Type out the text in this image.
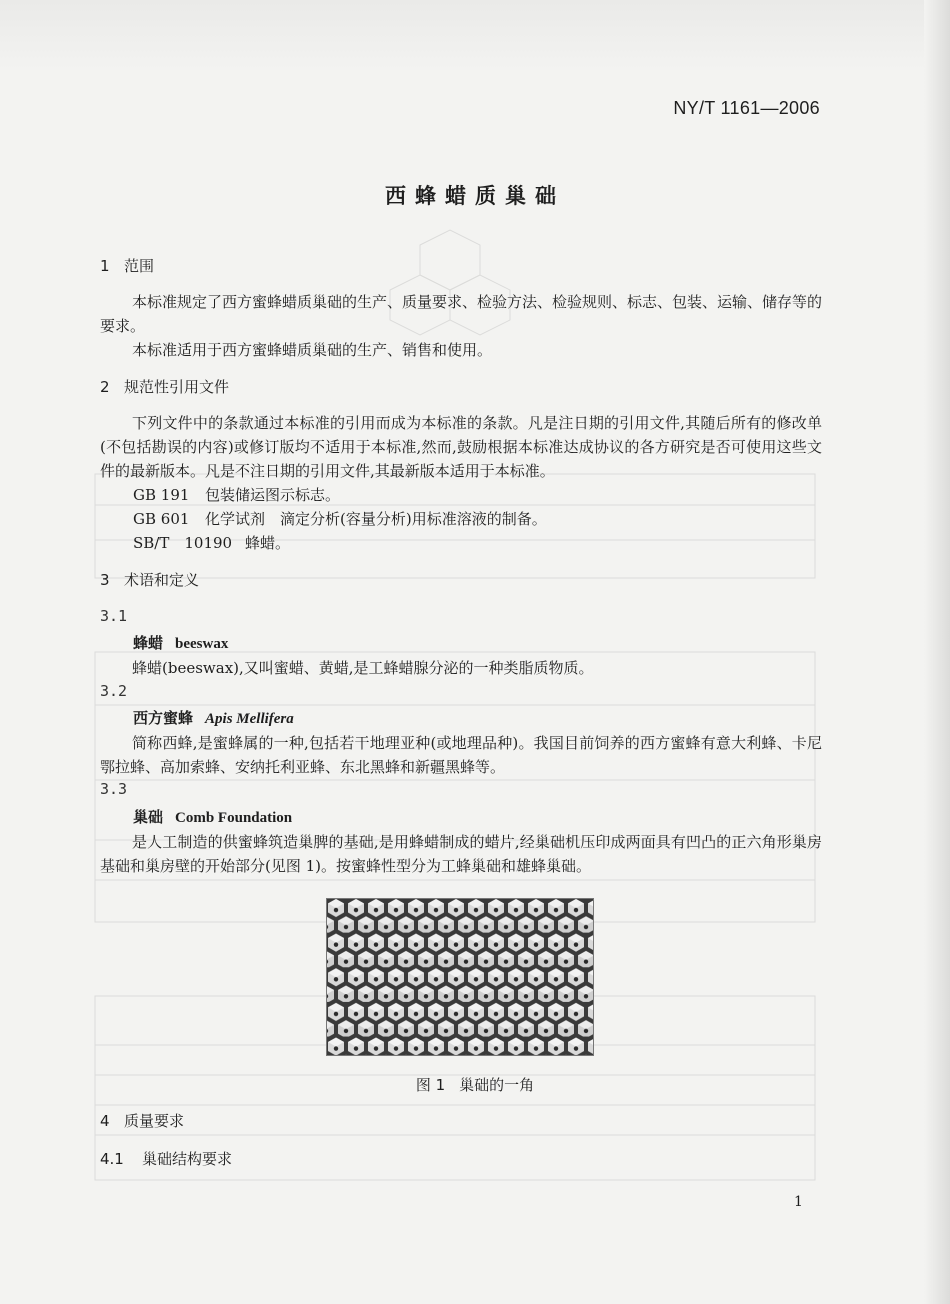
NY/T 1161—2006
西蜂蜡质巢础
1 范围
本标准规定了西方蜜蜂蜡质巢础的生产、质量要求、检验方法、检验规则、标志、包装、运输、储存等的要求。
本标准适用于西方蜜蜂蜡质巢础的生产、销售和使用。
2 规范性引用文件
下列文件中的条款通过本标准的引用而成为本标准的条款。凡是注日期的引用文件,其随后所有的修改单(不包括勘误的内容)或修订版均不适用于本标准,然而,鼓励根据本标准达成协议的各方研究是否可使用这些文件的最新版本。凡是不注日期的引用文件,其最新版本适用于本标准。
GB 191 包装储运图示标志。
GB 601 化学试剂　滴定分析(容量分析)用标准溶液的制备。
SB/T　10190 蜂蜡。
3 术语和定义
3.1
蜂蜡 beeswax
蜂蜡(beeswax),又叫蜜蜡、黄蜡,是工蜂蜡腺分泌的一种类脂质物质。
3.2
西方蜜蜂 Apis Mellifera
简称西蜂,是蜜蜂属的一种,包括若干地理亚种(或地理品种)。我国目前饲养的西方蜜蜂有意大利蜂、卡尼鄂拉蜂、高加索蜂、安纳托利亚蜂、东北黑蜂和新疆黑蜂等。
3.3
巢础 Comb Foundation
是人工制造的供蜜蜂筑造巢脾的基础,是用蜂蜡制成的蜡片,经巢础机压印成两面具有凹凸的正六角形巢房基础和巢房壁的开始部分(见图 1)。按蜜蜂性型分为工蜂巢础和雄蜂巢础。
图 1 巢础的一角
4 质量要求
4.1 巢础结构要求
1
